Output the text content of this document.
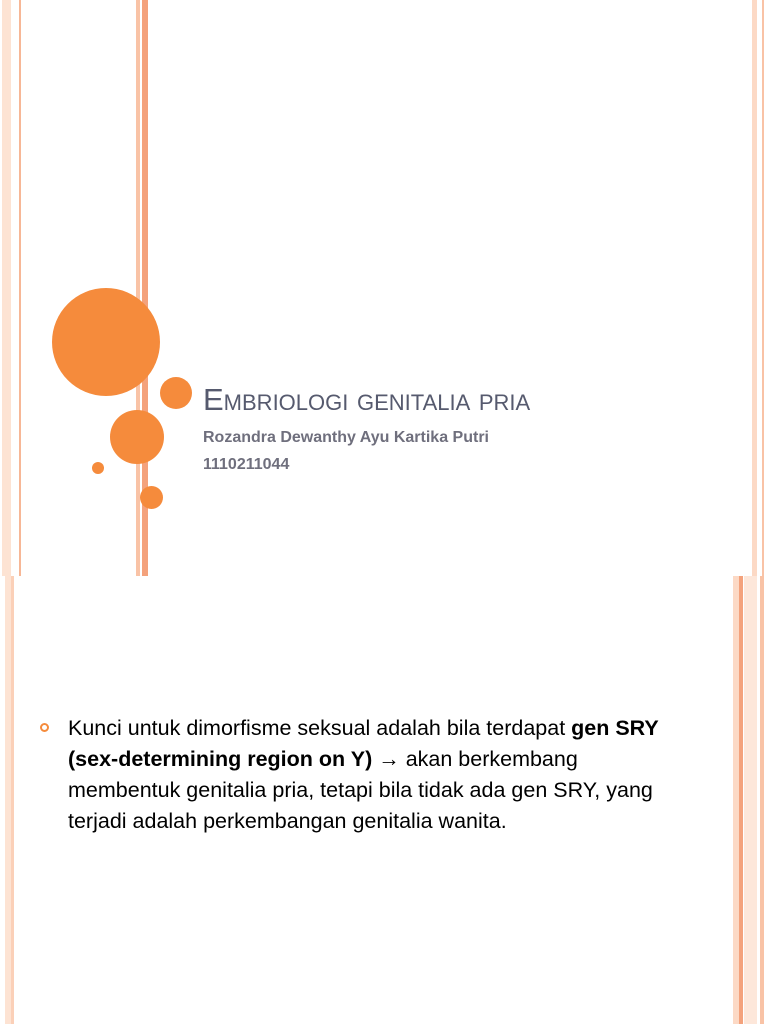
Embriologi genitalia pria

Rozandra Dewanthy Ayu Kartika Putri

1110211044

Kunci untuk dimorfisme seksual adalah bila terdapat gen SRY (sex-determining region on Y) → akan berkembang membentuk genitalia pria, tetapi bila tidak ada gen SRY, yang terjadi adalah perkembangan genitalia wanita.
